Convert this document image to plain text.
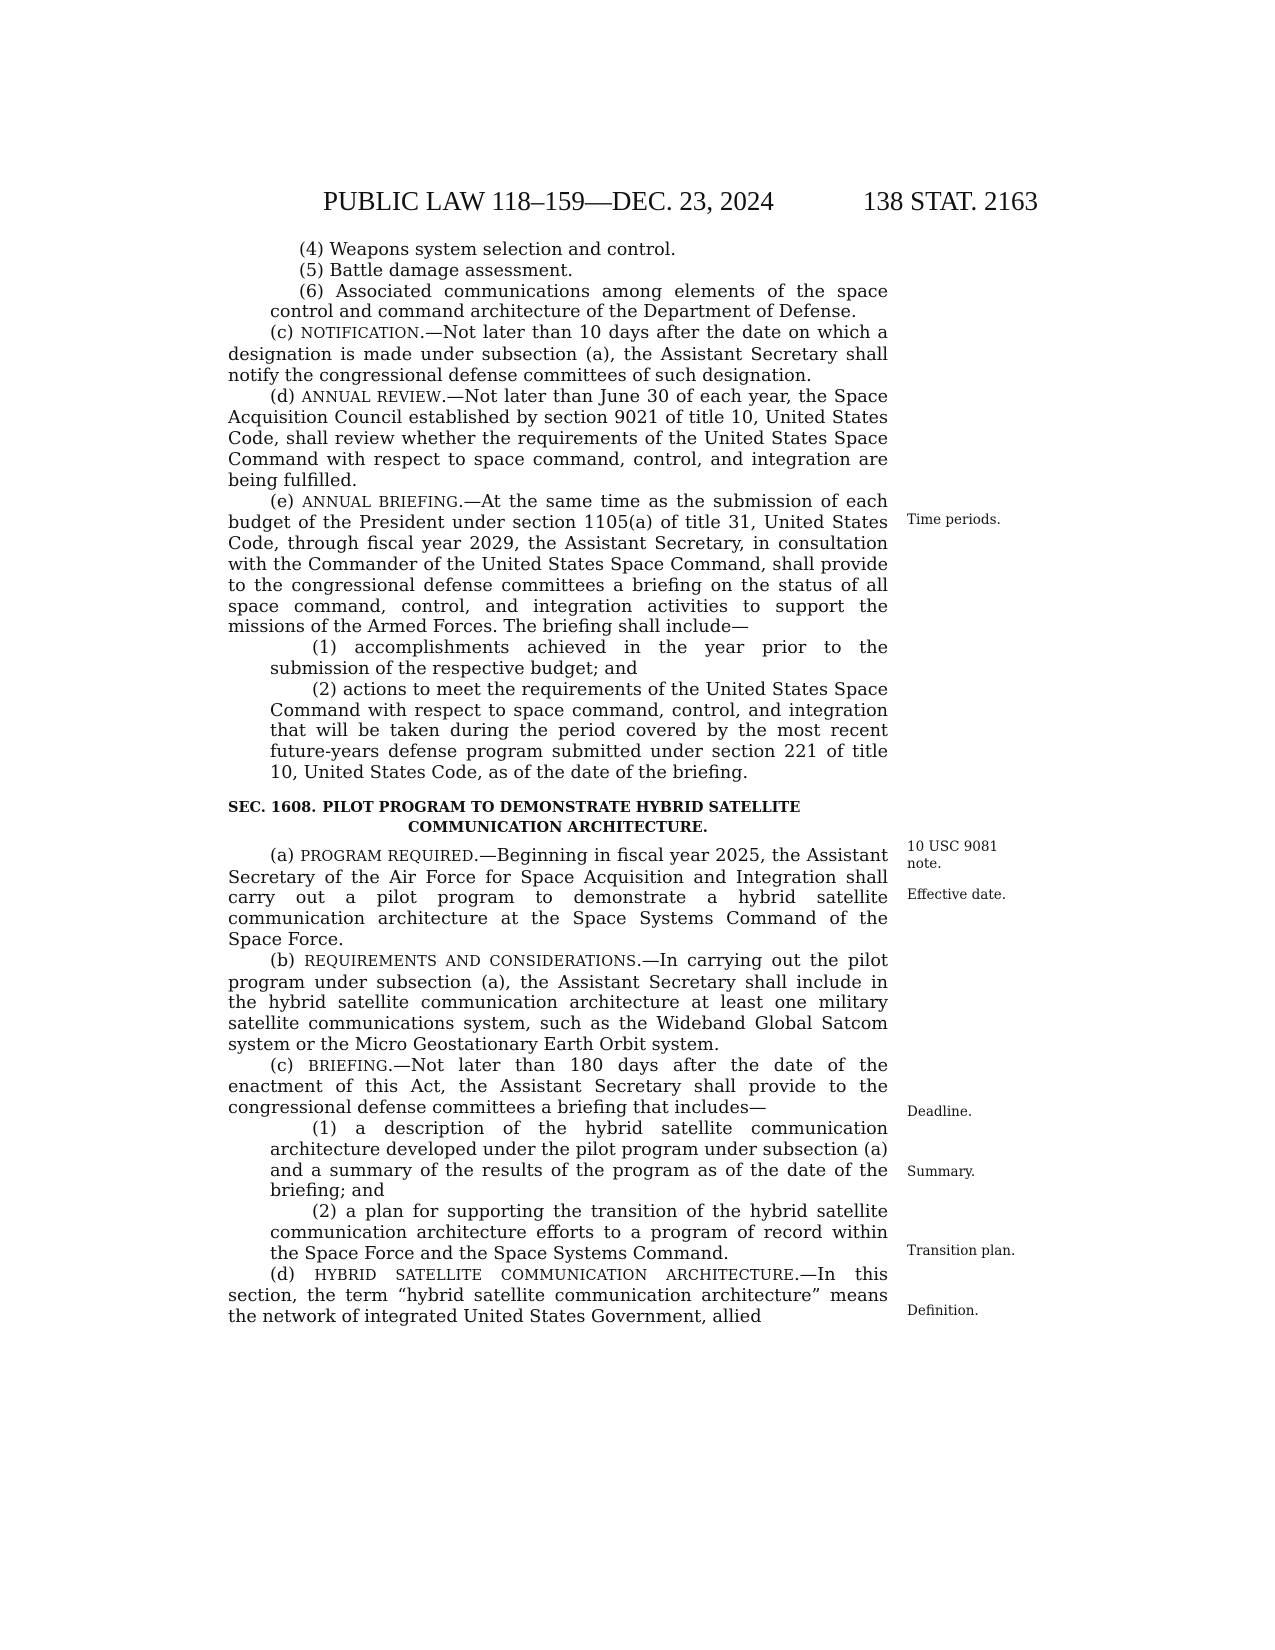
PUBLIC LAW 118–159—DEC. 23, 2024	138 STAT. 2163

(4) Weapons system selection and control.

(5) Battle damage assessment.

(6) Associated communications among elements of the space control and command architecture of the Department of Defense.

(c) NOTIFICATION.—Not later than 10 days after the date on which a designation is made under subsection (a), the Assistant Secretary shall notify the congressional defense committees of such designation.

(d) ANNUAL REVIEW.—Not later than June 30 of each year, the Space Acquisition Council established by section 9021 of title 10, United States Code, shall review whether the requirements of the United States Space Command with respect to space command, control, and integration are being fulfilled.

(e) ANNUAL BRIEFING.—At the same time as the submission of each budget of the President under section 1105(a) of title 31, United States Code, through fiscal year 2029, the Assistant Secretary, in consultation with the Commander of the United States Space Command, shall provide to the congressional defense committees a briefing on the status of all space command, control, and integration activities to support the missions of the Armed Forces. The briefing shall include—

(1) accomplishments achieved in the year prior to the submission of the respective budget; and

(2) actions to meet the requirements of the United States Space Command with respect to space command, control, and integration that will be taken during the period covered by the most recent future-years defense program submitted under section 221 of title 10, United States Code, as of the date of the briefing.

SEC. 1608. PILOT PROGRAM TO DEMONSTRATE HYBRID SATELLITE
COMMUNICATION ARCHITECTURE.

(a) PROGRAM REQUIRED.—Beginning in fiscal year 2025, the Assistant Secretary of the Air Force for Space Acquisition and Integration shall carry out a pilot program to demonstrate a hybrid satellite communication architecture at the Space Systems Command of the Space Force.

(b) REQUIREMENTS AND CONSIDERATIONS.—In carrying out the pilot program under subsection (a), the Assistant Secretary shall include in the hybrid satellite communication architecture at least one military satellite communications system, such as the Wideband Global Satcom system or the Micro Geostationary Earth Orbit system.

(c) BRIEFING.—Not later than 180 days after the date of the enactment of this Act, the Assistant Secretary shall provide to the congressional defense committees a briefing that includes—

(1) a description of the hybrid satellite communication architecture developed under the pilot program under subsection (a) and a summary of the results of the program as of the date of the briefing; and

(2) a plan for supporting the transition of the hybrid satellite communication architecture efforts to a program of record within the Space Force and the Space Systems Command.

(d) HYBRID SATELLITE COMMUNICATION ARCHITECTURE.—In this section, the term “hybrid satellite communication architecture” means the network of integrated United States Government, allied

Time periods.
10 USC 9081
note.
Effective date.
Deadline.
Summary.
Transition plan.
Definition.
